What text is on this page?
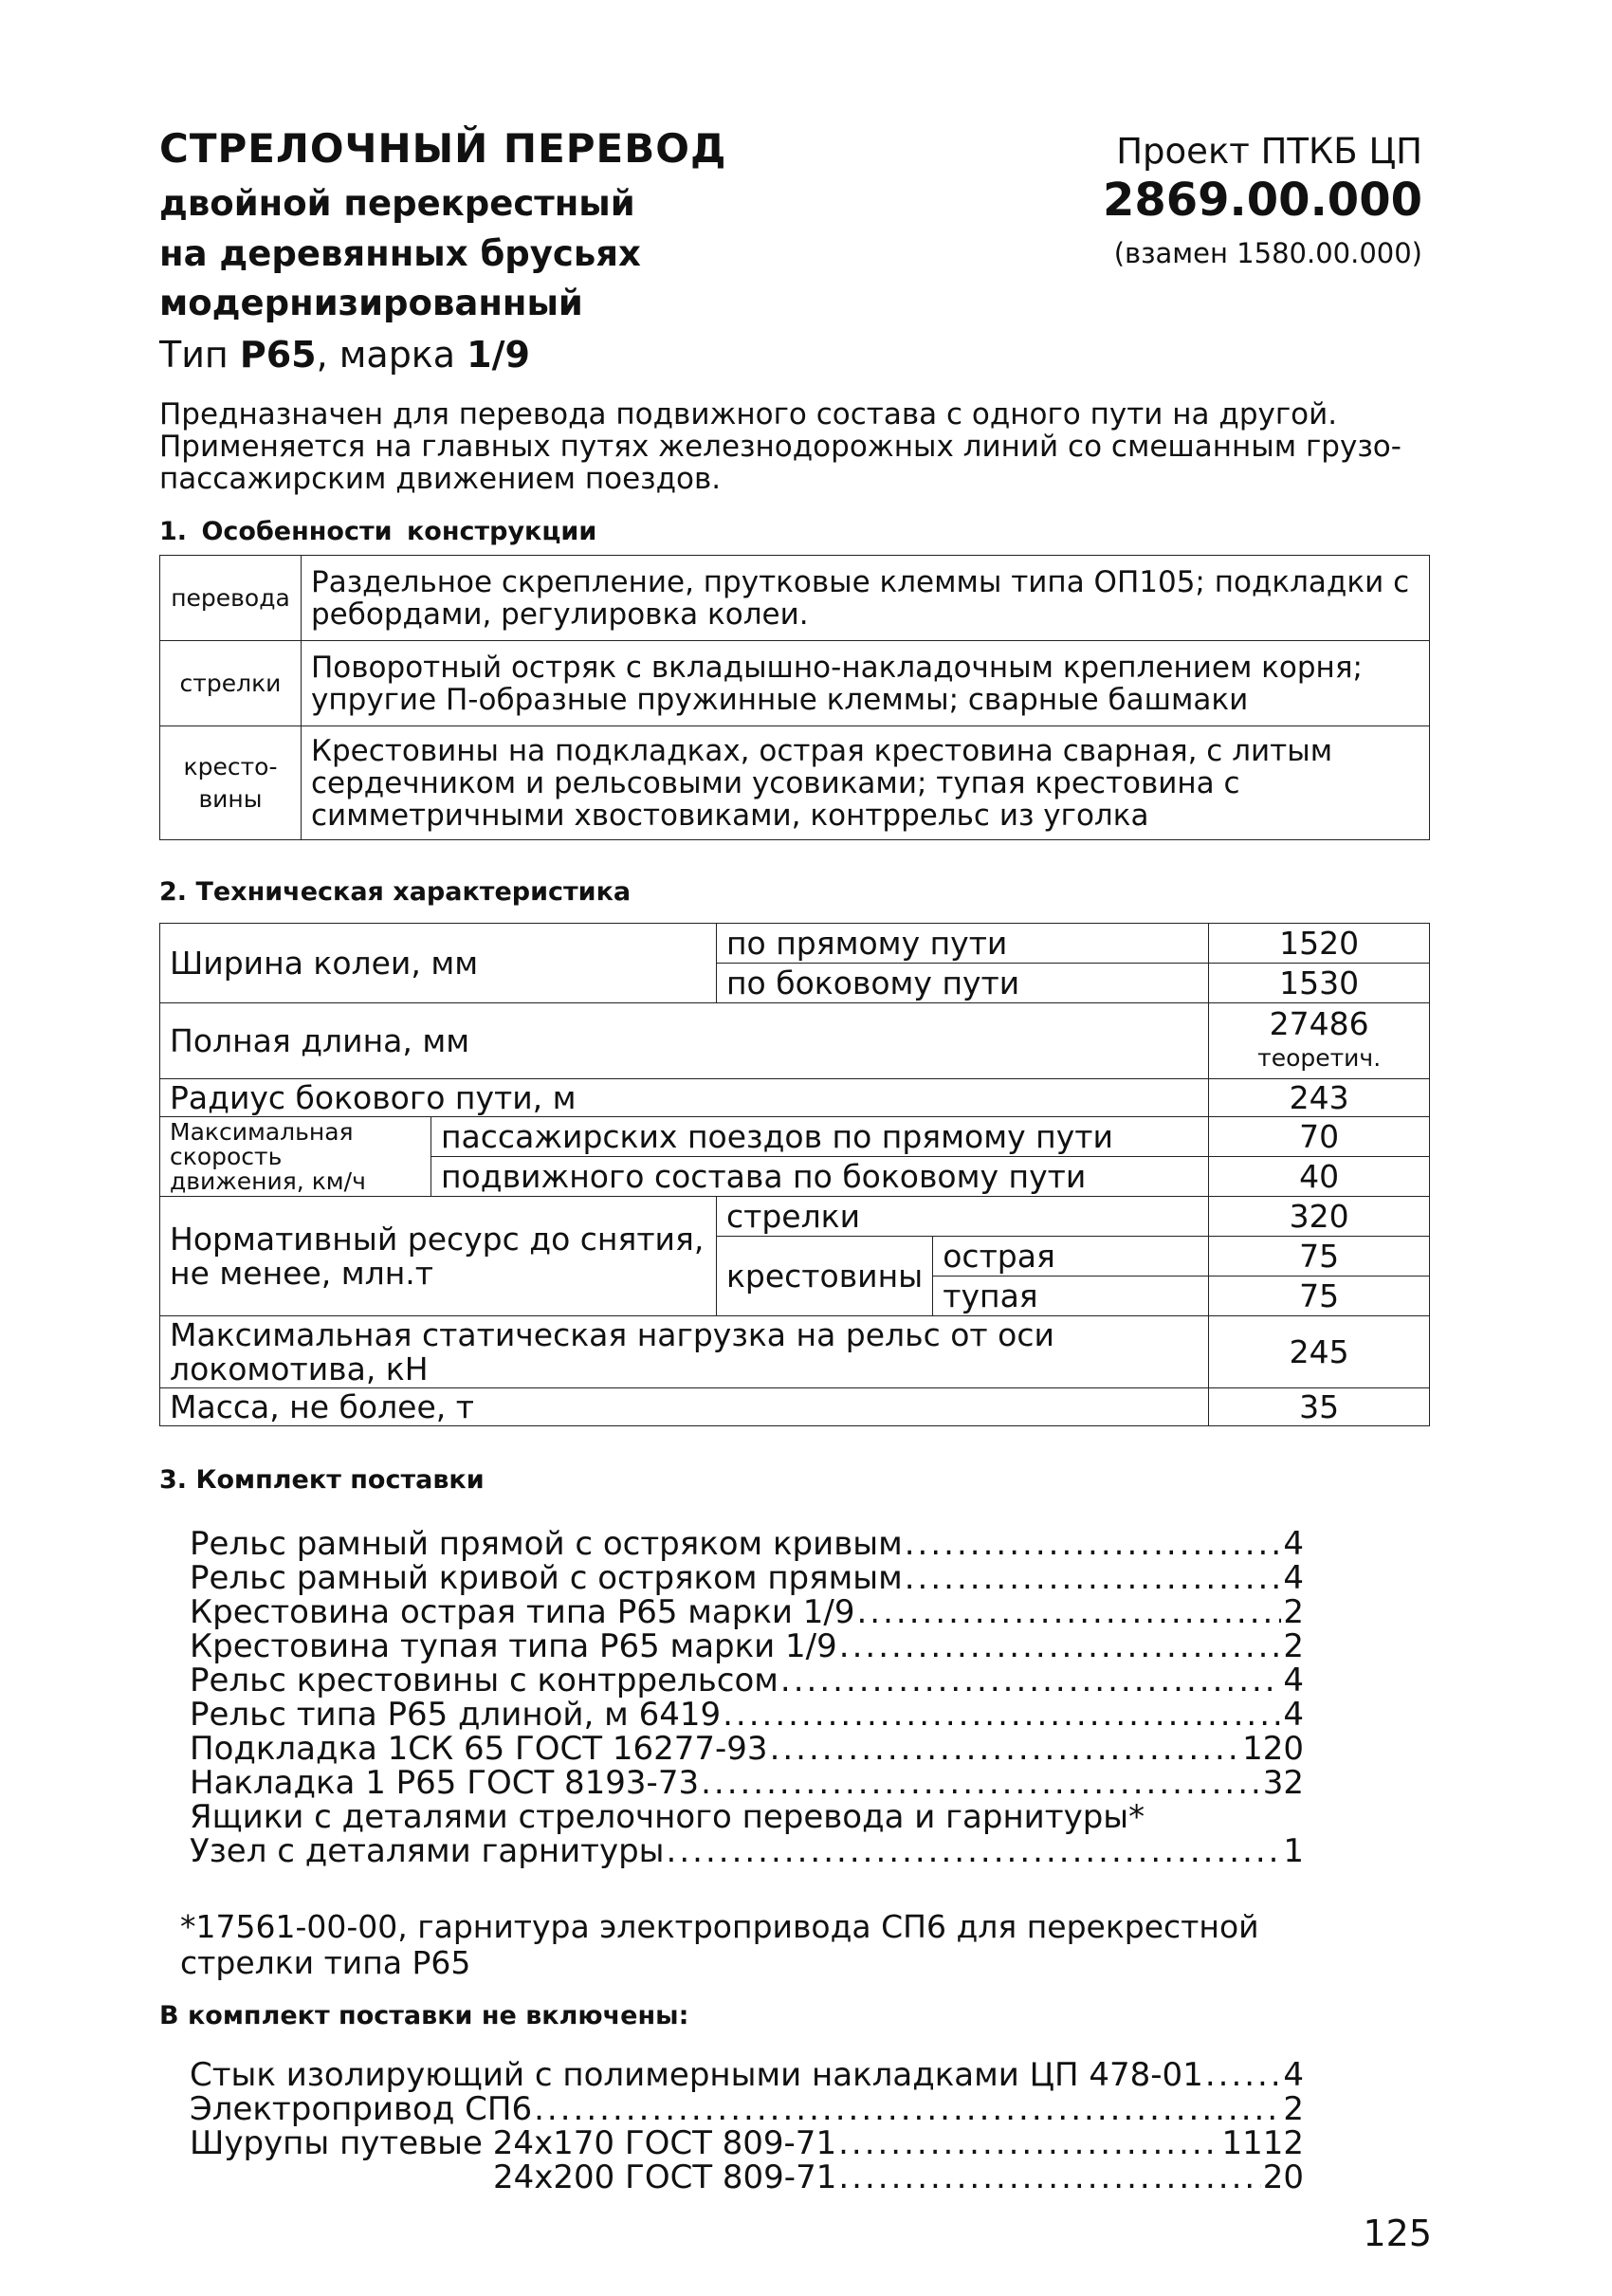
СТРЕЛОЧНЫЙ ПЕРЕВОД
двойной перекрестный
на деревянных брусьях
модернизированный
Тип Р65, марка 1/9
Проект ПТКБ ЦП
2869.00.000
(взамен 1580.00.000)
Предназначен для перевода подвижного состава с одного пути на другой. Применяется на главных путях железнодорожных линий со смешанным грузо-пассажирским движением поездов.
1. Особенности конструкции
перевода	Раздельное скрепление, прутковые клеммы типа ОП105; подкладки с ребордами, регулировка колеи.
стрелки	Поворотный остряк с вкладышно-накладочным креплением корня; упругие П-образные пружинные клеммы; сварные башмаки
кресто-вины	Крестовины на подкладках, острая крестовина сварная, с литым сердечником и рельсовыми усовиками; тупая крестовина с симметричными хвостовиками, контррельс из уголка
2. Техническая характеристика
Ширина колеи, мм		по прямому пути		1520
		по боковому пути		1530
Полная длина, мм				27486
теоретич.

Радиус бокового пути, м				243
Максимальная скорость движения, км/ч	пассажирских поездов по прямому пути			70
	подвижного состава по боковому пути			40
Нормативный ресурс до снятия, не менее, млн.т		стрелки		320
		крестовины	острая	75
			тупая	75
Максимальная статическая нагрузка на рельс от оси локомотива, кН				245
Масса, не более, т				35
3. Комплект поставки
Рельс рамный прямой с остряком кривым .....	4
Рельс рамный кривой с остряком прямым .....	4
Крестовина острая типа Р65 марки 1/9 .....	2
Крестовина тупая типа Р65 марки 1/9 .....	2
Рельс крестовины с контррельсом .....	4
Рельс типа Р65 длиной, м 6419 .....	4
Подкладка 1СК 65 ГОСТ 16277-93 .....	120
Накладка 1 Р65 ГОСТ 8193-73 .....	32
Ящики с деталями стрелочного перевода и гарнитуры*
Узел с деталями гарнитуры .....	1
*17561-00-00, гарнитура электропривода СП6 для перекрестной стрелки типа Р65
В комплект поставки не включены:
Стык изолирующий с полимерными накладками ЦП 478-01 ..... 4
Электропривод СП6 .....	2
Шурупы путевые 24х170 ГОСТ 809-71 .....	1112
24х200 ГОСТ 809-71 .....	20
125
